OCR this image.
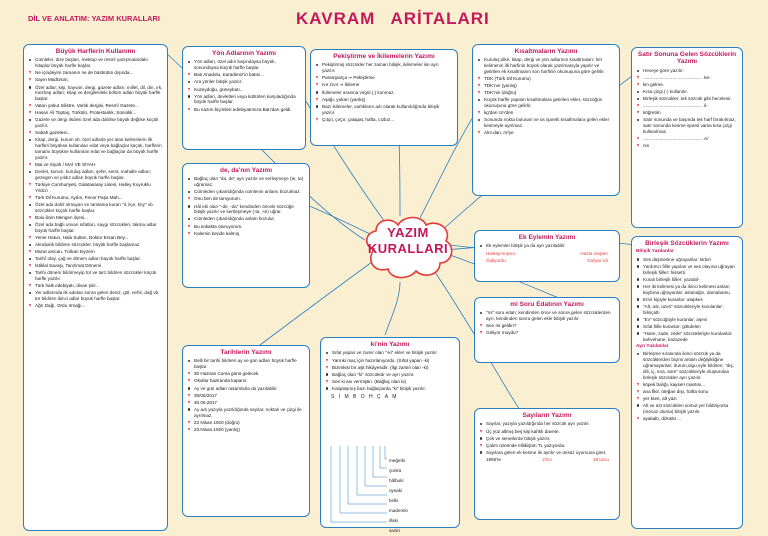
DİL VE ANLATIM: YAZIM KURALLARI	KAVRAM ARİTALARI
YAZIM
KURALLARI
Büyük Harflerin Kullanımı
Cümleler, dize başları, mektup ve resmî yazışmalardaki hitaplar büyük harfle başlar.
Ne içindeyim zamanın ne de büsbütün dışında...
Sayın Müdürüm,
Özel adlar; kişi, hayvan, dergi, gazete adları; millet, dil, din, ırk, mezhep adları; kitap ve dergilerdeki bölüm adları büyük harfle başlar.
Vatan yahut Silistre, Varlık dergisi, Resmî Gazete...
Hasan Ali Toptaş, Türkülü, Protestanlık, Sünnilik...
Gazete ve dergi ilsdesi özel ada dahilse büyük değilse küçük yazılır.
Sabah gazetesi...
Kitap, dergi, kurum vb. özel adlarla yer alan kelimelerin ilk harfleri büyükse kullanılan edat veya bağlaçlar küçük, harflerin tamamı büyükse kullanılan edat ve bağlaçlar da büyük harfle yazılır.
Mai ve Siyah / MAİ VE SİYAH
Devlet, kurum, kuruluş adları; şehir, semt, mahalle adları; gezegen ve yıldız adları büyük harfle başlar.
Türkiye Cumhuriyeti, Galatasaray Lisesi, Halley Kuyruklu Yıldızı
Türk Dil Kurumu, Aydın, Fenor Paşa Mah...
Özel ada dahil olmayan ve tamlama kuran "il, ilçe, köy" vb. sözcükler küçük harfle başlar.
Bolu ilinin Mengen ilçesi...
Özel ada bağlı unvan sıfatları, saygı sözcükleri, takma adlar büyük harfle başlar.
Yeme Hatun, Hala Sultan, Doktor Ersan Bey...
Akrabalık bildiren sözcükler, büyük harfle başlamaz.
Murat amcan, Türkan teyzem
Tarihî olay, çağ ve dönem adları büyük harfle başlar.
İstiklal Savaşı, Tanzimat Dönemi
Tarihi dönem bildirmeyip tür ve tarz bildiren sözcükler küçük harfle yazılır.
Türk halk edebiyatı, divan şiiri...
Yer adlarında ilk adıdan sonra gelen deniz, göl, nehir, dağ vb. tür bildiren ikinci adlar büyük harfle başlar.
Ağrı Dağı, Ordu Irmağı...
Yön Adlarının Yazımı
Yön adları, özel adın başındaysa büyük, sonundaysa küçük harfle başlar.
Batı Anadolu, Karadeniz'in batısı...
Ara yönler bitişik yazılır.
Kuzeydoğu, güneybatı...
Yön adları, devletleri veya kültürleri karşıladığında büyük harfle başlar.
Bu nazım biçimleri edebiyatımıza Batı'dan geldi.
Pekiştirme ve İkilemelerin Yazımı
Pekiştirmiş sözcükler her zaman bitişik, ikilemeler ise ayrı yazılır.
Paramparça ⇒ Pekiştirme
Ivır zıvır ⇒ İkileme
İkilemeler arasına virgül (,) konmaz.
Aşağı, yukarı (yanlış)
Bazı ikilemeler, varlıkların adı olarak kullanıldığında bitişik yazılır.
Çıtçıt, çırçır, çatapat, hafta, cızbız...
Kısaltmaların Yazımı
Kuruluş,ülke, kitap, dergi ve yön adlarının kısaltmaları; her kelimenin ilk harfinin büyük olarak yazılmasıyla yapılır ve getirilen ek kısaltmanın son harfinin okunuşuna göre gelirlir.
TDK (Türk Dil Kurumu)
TDK'nın (yanlış)
TDK'nin (doğru)
Küçük harfle yapılan kısaltmalara getirilen ekler, sözcüğün okunuşuna göre gelirlir.
kg'dan cm'den
Sonunda nokta bulunan ve üs işaretli kısaltmalara gelen ekler kesmeyle ayrılmaz.
Alm.dan, m²ye
Satır Sonuna Gelen Sözcüklerin Yazımı
Heceye göre yazılır:
............................................... ke-
kin gelme.
Kısa çizgi (-) kullanılır.
Birleşik sözcükler, tek sözcük gibi hecelenir.
............................................... il-
köğretim
Satır sonunda ve başında tek harf bırakılmaz, satır sonunda kesme işareti varsa kısa çizgi kullanılmaz.
............................................... A/
nin
de, da'nın Yazımı
Bağlaç olan "da, de" ayrı yazılır ve serleşmeye (te, ta) uğramaz.
Cümleden çıkarıldığında cümlenin anlamı bozulmaz.
Onu ben de tanıyorum.
Hâl eki olan "-de, -da" kendinden önceki sözcüğe bitişik yazılır ve sertleşmeye (-ta, -te) uğrar.
Cümleden çıkarıldığında anlam bozulur.
Bu sokakta oturuyorum.
Kalemin bende kalmış.
Ek Eylemin Yazımı
Ek eylemler bitişik ya da ayrı yazılabilir.
Hastayımışsın.	Hasta imişsin.
Gidiyordu.	Gidiyor idi.
mi Soru Edatının Yazımı
"mi" soru edatı; kendinden önce ve sonra gelen sözcüklerden ayrı, kendinden sonra gelen ekle bitişik yazılır.
Sen mi geldin?
Geliyor muydu?
Birleşik Sözcüklerin Yazımı
Bitişik Yazılanlar
Ses düşmesine uğrayanlar: kirbiri
Yardımcı fiille yapılan ve ses olayına uğrayan birleşik fiiller: hissetti
Kuralı birleşik fiiller: yazabil-
Her iki kelimesi ya da ikinci kelimesi anlam kaybına uğrayanlar: aslanağzı, damabamu
Emir kipiyle kuranlar: alapkes
"Alt, üst, üzeri" sözcükleriyle kurulanlar: bilinçaltı
"Ev" sözcüğüyle kuranlar: aşevi
Sıfat fiille kuranlar: gökdelen
"Hane, zade, zede" sözcükleriyle kurulanlar: kahvehane, kazazede
Ayrı Yazılanlar
Birleşme sırasında ikinci sözcük ya da sözcüklerden biçimi anlam değişikliğine uğramayanlar; durum,olgu,oyle bildiren; "dış, dili, iç, sıra, süre" sözcükleriyle oluşturulan birleşik sözcükler ayrı yazılır.
köpek balığı, kayseri mantısı...
ana fikir, öteğan dışı, hafta sonu
yer küre, alt yazı
Alt ve üst sözcükleri somut yer bildiriyorsa (mecaz olursa) bitişik yazılır.
ayakaltı, dizüstü ...
Tarihlerin Yazımı
Belli bir tarihi bildiren ay ve gün adları büyük harfle başlar.
30 Haziran Cuma günü gelecek.
Okullar haziranda kapanır.
Ay ve gün adları rakamlarla da yazılabilir.
30/06/2017
30.06.2017
Ay adı yazıyla yazıldığında sayılar, noktalı ve çizgi ile ayrılmaz.
23 Nisan 1920 (doğru)
23.Nisan.1920 (yanlış)
ki'nin Yazımı
Sıfat yapan ve zamir olan "-ki" ekler ve bitişik yazılır.
Yarınki maç için hazırlanıyordu. (Sıfat yapan -ki)
Bizimkisi bir aşk hikâyesidir. (İlgi zamiri olan -ki)
Bağlaç olan "ki" sözcüktür ve ayrı yazılır.
Sen ki ası vermiştin. (Bağlaç olan ki)
Kalıplaşmış bazı bağlaçlarda "ki" bitişik yazılır.
S İ M B O H Ç A M
meğerki
çünkü
hâlbuki
oysaki
belki
mademki
illaki
sanki
Sayıların Yazımı
Sayılar, yazıyla yazıldığında her sözcük ayrı yazılır.
Üç yüz altmış beş kişi kahklı davete.
Çek ve senetlerde bitişik yazılır.
Çalım üzerinde elliikiştim TL yazıyordu.
Sayılara gelen ek kesme ile ayrılır ve ünsüz uyumuna girer.
1965'te	2'nci	10'uncu
